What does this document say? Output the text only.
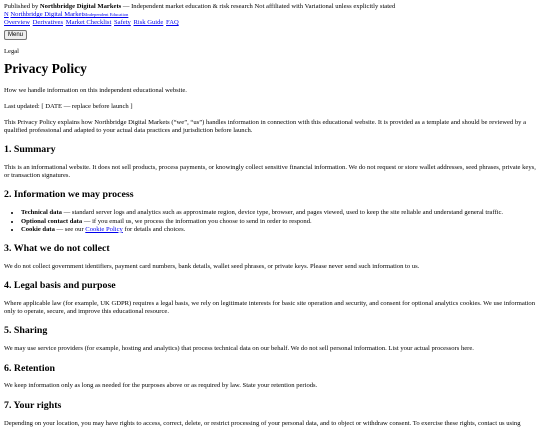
Published by Northbridge Digital Markets — Independent market education & risk research Not affiliated with Variational unless explicitly stated

N Northbridge Digital MarketsIndependent Education
Overview Derivatives Market Checklist Safety Risk Guide FAQ
Menu

Legal

Privacy Policy

How we handle information on this independent educational website.

Last updated: [ DATE — replace before launch ]

This Privacy Policy explains how Northbridge Digital Markets (“we”, “us”) handles information in connection with this educational website. It is provided as a template and should be reviewed by a qualified professional and adapted to your actual data practices and jurisdiction before launch.

1. Summary

This is an informational website. It does not sell products, process payments, or knowingly collect sensitive financial information. We do not request or store wallet addresses, seed phrases, private keys, or transaction signatures.

2. Information we may process
• Technical data — standard server logs and analytics such as approximate region, device type, browser, and pages viewed, used to keep the site reliable and understand general traffic.
• Optional contact data — if you email us, we process the information you choose to send in order to respond.
• Cookie data — see our Cookie Policy for details and choices.
3. What we do not collect

We do not collect government identifiers, payment card numbers, bank details, wallet seed phrases, or private keys. Please never send such information to us.

4. Legal basis and purpose

Where applicable law (for example, UK GDPR) requires a legal basis, we rely on legitimate interests for basic site operation and security, and consent for optional analytics cookies. We use information only to operate, secure, and improve this educational resource.

5. Sharing

We may use service providers (for example, hosting and analytics) that process technical data on our behalf. We do not sell personal information. List your actual processors here.

6. Retention

We keep information only as long as needed for the purposes above or as required by law. State your retention periods.

7. Your rights

Depending on your location, you may have rights to access, correct, delete, or restrict processing of your personal data, and to object or withdraw consent. To exercise these rights, contact us using
